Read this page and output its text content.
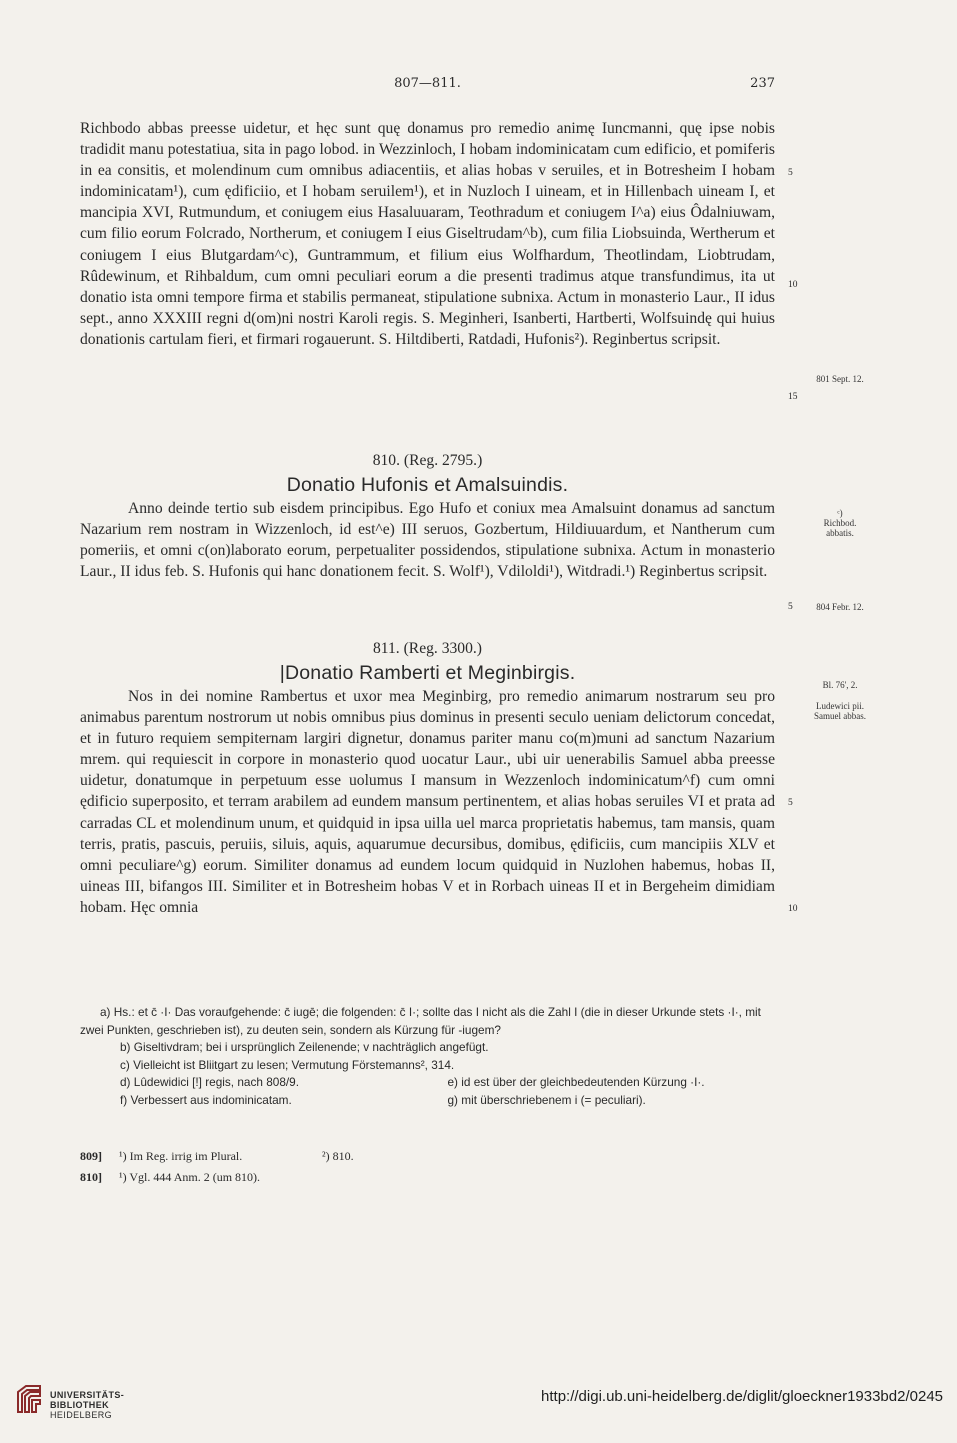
807—811.	237

Richbodo abbas preesse uidetur, et hęc sunt quę donamus pro remedio animę Iuncmanni, quę ipse nobis tradidit manu potestatiua, sita in pago lobod. in Wezzinloch, I hobam indominicatam cum edificio, et pomiferis in ea consitis, et molendinum cum omnibus adiacentiis, et alias hobas v seruiles, et in Botresheim I hobam indominicatam¹), cum ędificiio, et I hobam seruilem¹), et in Nuzloch I uineam, et in Hillenbach uineam I, et mancipia XVI, Rutmundum, et coniugem eius Hasaluuaram, Teothradum et coniugem I^a) eius Ôdalniuwam, cum filio eorum Folcrado, Northerum, et coniugem I eius Giseltrudam^b), cum filia Liobsuinda, Wertherum et coniugem I eius Blutgardam^c), Guntrammum, et filium eius Wolfhardum, Theotlindam, Liobtrudam, Rûdewinum, et Rihbaldum, cum omni peculiari eorum a die presenti tradimus atque transfundimus, ita ut donatio ista omni tempore firma et stabilis permaneat, stipulatione subnixa. Actum in monasterio Laur., II idus sept., anno XXXIII regni d(om)ni nostri Karoli regis. S. Meginheri, Isanberti, Hartberti, Wolfsuindę qui huius donationis cartulam fieri, et firmari rogauerunt. S. Hiltdiberti, Ratdadi, Hufonis²). Reginbertus scripsit.

810. (Reg. 2795.)
Donatio Hufonis et Amalsuindis.

Anno deinde tertio sub eisdem principibus. Ego Hufo et coniux mea Amalsuint donamus ad sanctum Nazarium rem nostram in Wizzenloch, id est^e) III seruos, Gozbertum, Hildiuuardum, et Nantherum cum pomeriis, et omni c(on)laborato eorum, perpetualiter possidendos, stipulatione subnixa. Actum in monasterio Laur., II idus feb. S. Hufonis qui hanc donationem fecit. S. Wolf¹), Vdiloldi¹), Witdradi.¹) Reginbertus scripsit.

811. (Reg. 3300.)
|Donatio Ramberti et Meginbirgis.

Nos in dei nomine Rambertus et uxor mea Meginbirg, pro remedio animarum nostrarum seu pro animabus parentum nostrorum ut nobis omnibus pius dominus in presenti seculo ueniam delictorum concedat, et in futuro requiem sempiternam largiri dignetur, donamus pariter manu co(m)muni ad sanctum Nazarium mrem. qui requiescit in corpore in monasterio quod uocatur Laur., ubi uir uenerabilis Samuel abba preesse uidetur, donatumque in perpetuum esse uolumus I mansum in Wezzenloch indominicatum^f) cum omni ędificio superposito, et terram arabilem ad eundem mansum pertinentem, et alias hobas seruiles VI et prata ad carradas CL et molendinum unum, et quidquid in ipsa uilla uel marca proprietatis habemus, tam mansis, quam terris, pratis, pascuis, peruiis, siluis, aquis, aquarumue decursibus, domibus, ędificiis, cum mancipiis XLV et omni peculiare^g) eorum. Similiter donamus ad eundem locum quidquid in Nuzlohen habemus, hobas II, uineas III, bifangos III. Similiter et in Botresheim hobas V et in Rorbach uineas II et in Bergeheim dimidiam hobam. Hęc omnia

5
10
15
5
5
10
801 Sept. 12.
ᶜ)
Richbod.
abbatis.
804 Febr. 12.
Bl. 76', 2.
Ludewici pii.
Samuel abbas.

a) Hs.: et c̄ ·I· Das voraufgehende: c̄ iugē; die folgenden: c̄ I·; sollte das I nicht als die Zahl I (die in dieser Urkunde stets ·I·, mit zwei Punkten, geschrieben ist), zu deuten sein, sondern als Kürzung für -iugem?

b) Giseltivdram; bei i ursprünglich Zeilenende; v nachträglich angefügt.

c) Vielleicht ist Bliitgart zu lesen; Vermutung Förstemanns², 314.

d) Lûdewidici [!] regis, nach 808/9.	e) id est über der gleichbedeutenden Kürzung ·I·.
f) Verbessert aus indominicatam.	g) mit überschriebenem i (= peculiari).
809] ¹) Im Reg. irrig im Plural.	²) 810.
810] ¹) Vgl. 444 Anm. 2 (um 810).
UNIVERSITÄTS-
BIBLIOTHEK
HEIDELBERG
http://digi.ub.uni-heidelberg.de/diglit/gloeckner1933bd2/0245
